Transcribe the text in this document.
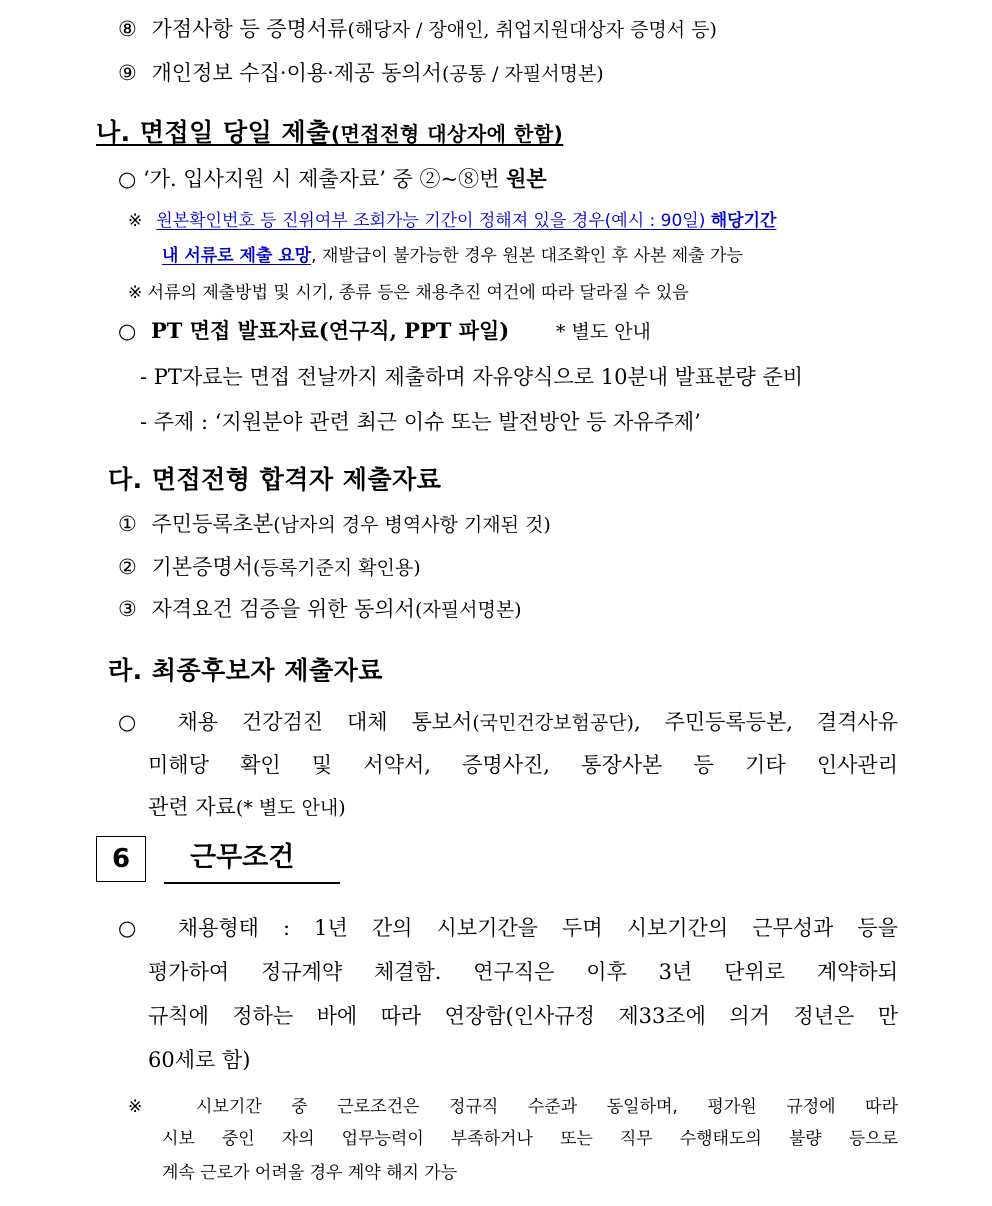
⑧ 가점사항 등 증명서류(해당자 / 장애인, 취업지원대상자 증명서 등)
⑨ 개인정보 수집·이용·제공 동의서(공통 / 자필서명본)
나. 면접일 당일 제출(면접전형 대상자에 한함)
○ ‘가. 입사지원 시 제출자료’ 중 ②~⑧번 원본
※ 원본확인번호 등 진위여부 조회가능 기간이 정해져 있을 경우(예시 : 90일) 해당기간
내 서류로 제출 요망, 재발급이 불가능한 경우 원본 대조확인 후 사본 제출 가능
※ 서류의 제출방법 및 시기, 종류 등은 채용추진 여건에 따라 달라질 수 있음
○ PT 면접 발표자료(연구직, PPT 파일) * 별도 안내
- PT자료는 면접 전날까지 제출하며 자유양식으로 10분내 발표분량 준비
- 주제 : ‘지원분야 관련 최근 이슈 또는 발전방안 등 자유주제’
다. 면접전형 합격자 제출자료
① 주민등록초본(남자의 경우 병역사항 기재된 것)
② 기본증명서(등록기준지 확인용)
③ 자격요건 검증을 위한 동의서(자필서명본)
라. 최종후보자 제출자료
○ 채용 건강검진 대체 통보서(국민건강보험공단), 주민등록등본, 결격사유
미해당 확인 및 서약서, 증명사진, 통장사본 등 기타 인사관리
관련 자료(* 별도 안내)
6	근무조건
○ 채용형태 : 1년 간의 시보기간을 두며 시보기간의 근무성과 등을
평가하여 정규계약 체결함. 연구직은 이후 3년 단위로 계약하되
규칙에 정하는 바에 따라 연장함(인사규정 제33조에 의거 정년은 만
60세로 함)
※ 시보기간 중 근로조건은 정규직 수준과 동일하며, 평가원 규정에 따라
시보 중인 자의 업무능력이 부족하거나 또는 직무 수행태도의 불량 등으로
계속 근로가 어려울 경우 계약 해지 가능
